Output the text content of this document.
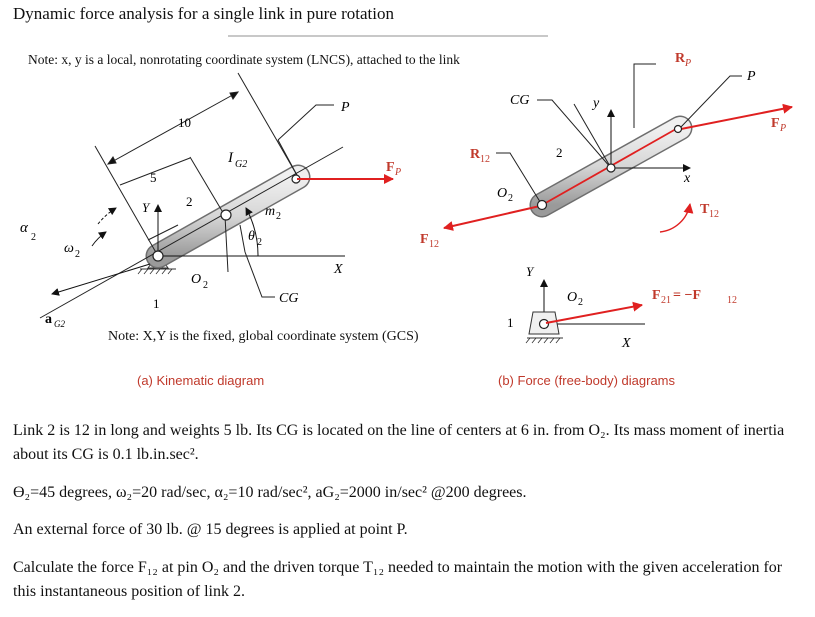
Dynamic force analysis for a single link in pure rotation
Note: x, y is a local, nonrotating coordinate system (LNCS), attached to the link
α
2
ω 2
a G2
10
5
2
Y
X
O 2
1
I G2
m 2
θ 2
P
CG
F P
R 12
F 12
O 2
2
CG	y
x
R P
P
F P
T 12
Y
X
1
O 2	F 21 = −F	12
Note: X,Y is the fixed, global coordinate system (GCS)
(a) Kinematic diagram	(b) Force (free-body) diagrams
Link 2 is 12 in long and weights 5 lb. Its CG is located on the line of centers at 6 in. from O₂. Its mass moment of inertia about its CG is 0.1 lb.in.sec².
Ɵ₂=45 degrees, ω₂=20 rad/sec, α₂=10 rad/sec², aG₂=2000 in/sec² @200 degrees.
An external force of 30 lb. @ 15 degrees is applied at point P.
Calculate the force F₁₂ at pin O₂ and the driven torque T₁₂ needed to maintain the motion with the given acceleration for this instantaneous position of link 2.
